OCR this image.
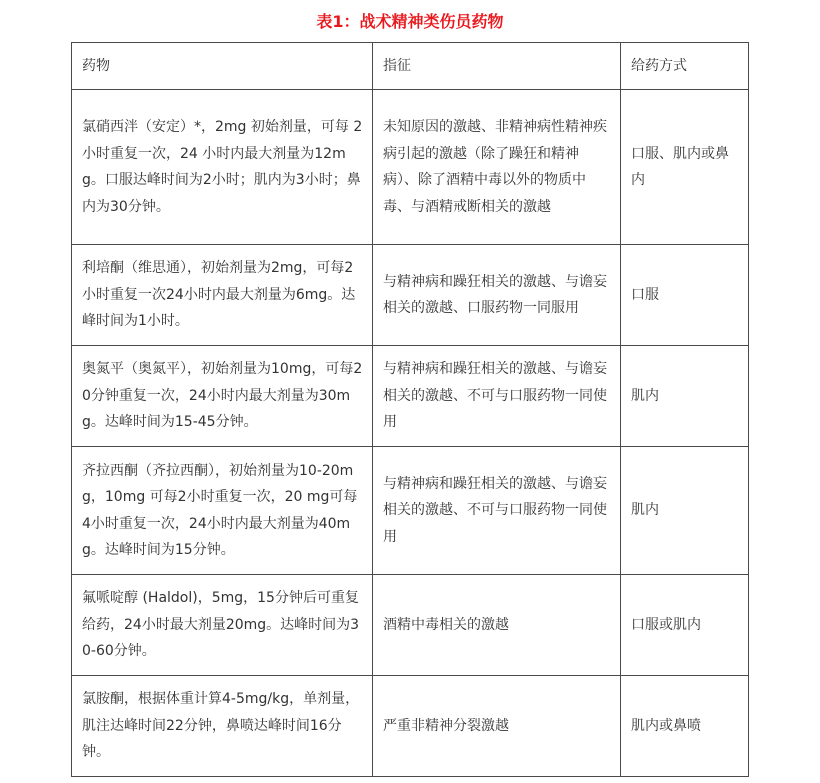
表1：战术精神类伤员药物
药物	指征	给药方式
氯硝西泮（安定）*，2mg 初始剂量，可每 2 小时重复一次，24 小时内最大剂量为12mg。口服达峰时间为2小时；肌内为3小时；鼻内为30分钟。	未知原因的激越、非精神病性精神疾病引起的激越（除了躁狂和精神病）、除了酒精中毒以外的物质中毒、与酒精戒断相关的激越	口服、肌内或鼻内
利培酮（维思通），初始剂量为2mg，可每2小时重复一次24小时内最大剂量为6mg。达峰时间为1小时。	与精神病和躁狂相关的激越、与谵妄相关的激越、口服药物一同服用	口服
奥氮平（奥氮平），初始剂量为10mg，可每20分钟重复一次，24小时内最大剂量为30mg。达峰时间为15-45分钟。	与精神病和躁狂相关的激越、与谵妄相关的激越、不可与口服药物一同使用	肌内
齐拉西酮（齐拉西酮），初始剂量为10-20mg，10mg 可每2小时重复一次，20 mg可每4小时重复一次，24小时内最大剂量为40mg。达峰时间为15分钟。	与精神病和躁狂相关的激越、与谵妄相关的激越、不可与口服药物一同使用	肌内
氟哌啶醇 (Haldol)，5mg，15分钟后可重复给药，24小时最大剂量20mg。达峰时间为30-60分钟。	酒精中毒相关的激越	口服或肌内
氯胺酮，根据体重计算4-5mg/kg，单剂量，肌注达峰时间22分钟，鼻喷达峰时间16分钟。	严重非精神分裂激越	肌内或鼻喷
